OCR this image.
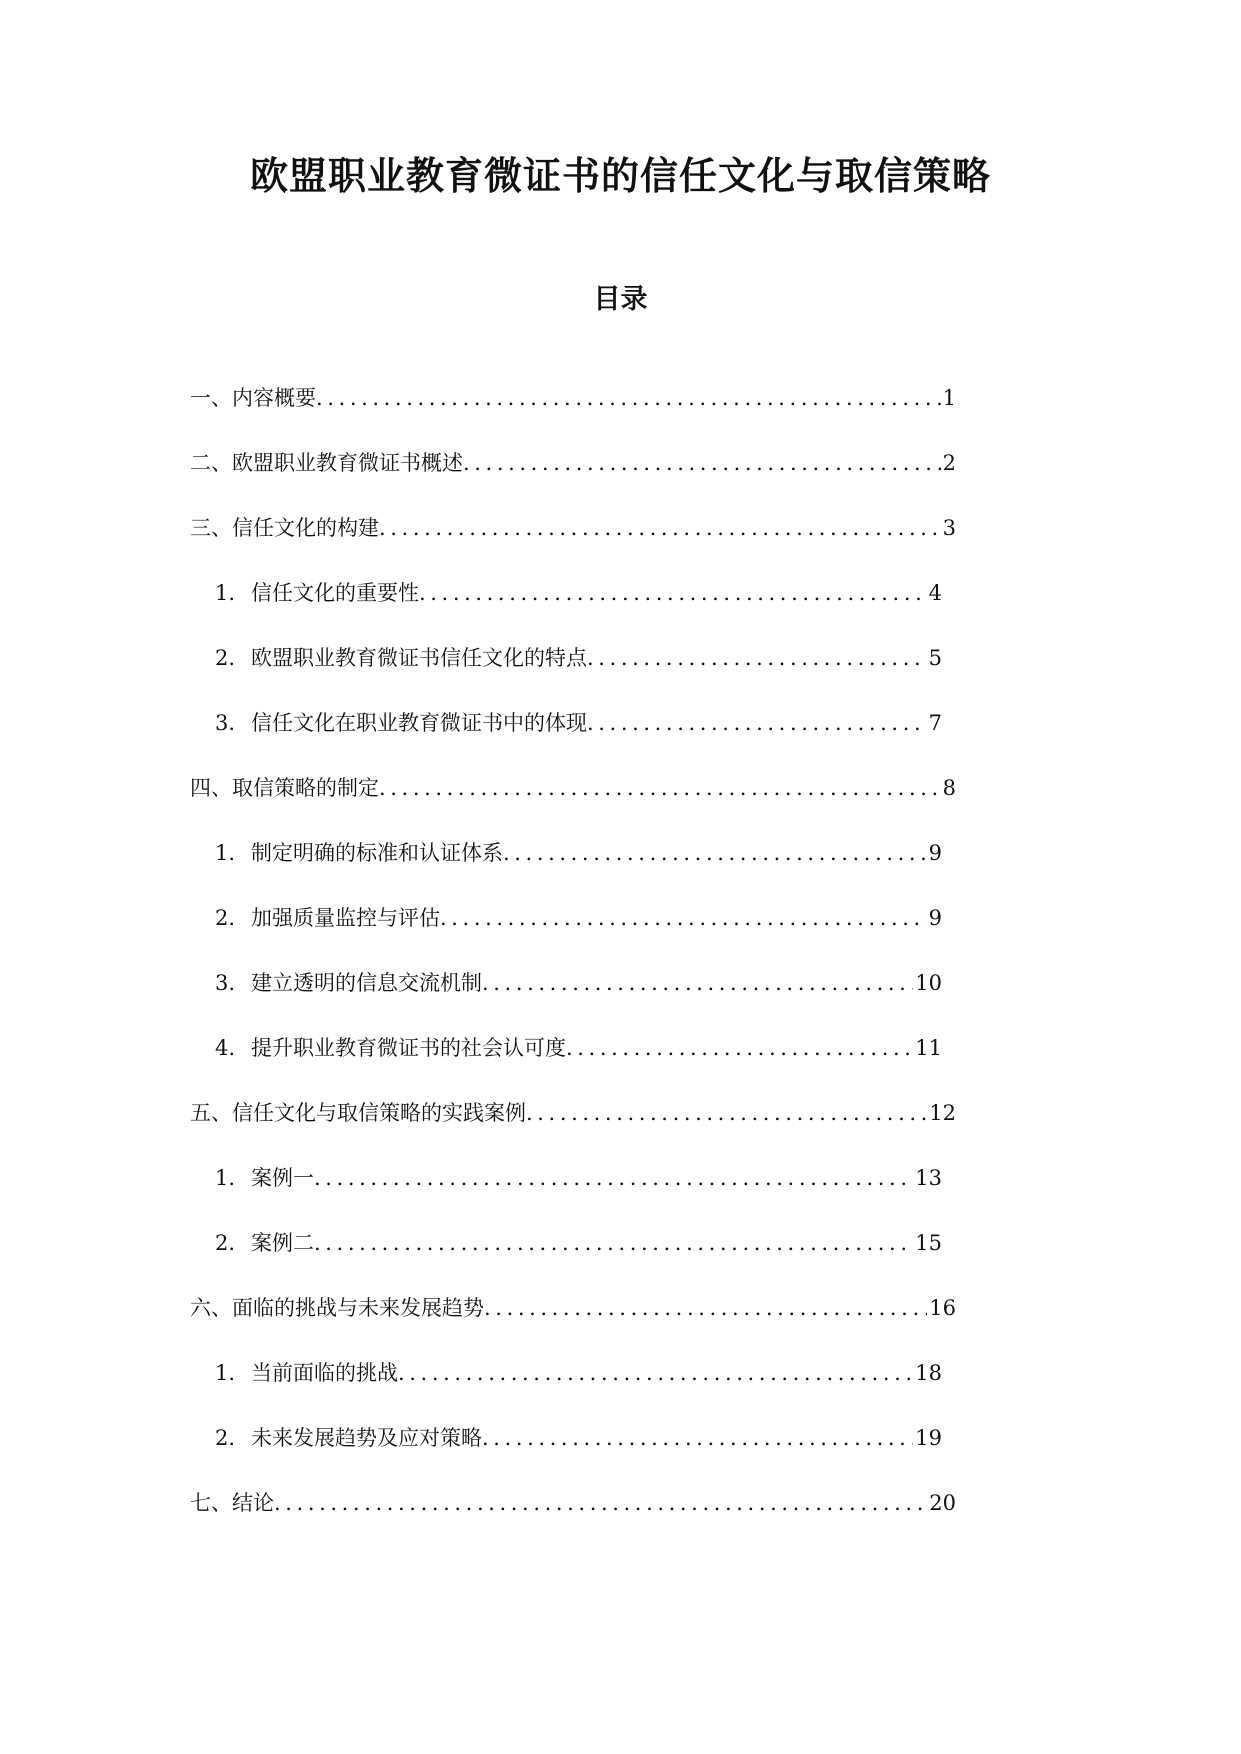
欧盟职业教育微证书的信任文化与取信策略
目录
一、内容概要 .....	1
二、欧盟职业教育微证书概述 .....	2
三、信任文化的构建 .....	3
1. 信任文化的重要性 .....	4
2. 欧盟职业教育微证书信任文化的特点 .....	5
3. 信任文化在职业教育微证书中的体现 .....	7
四、取信策略的制定 .....	8
1. 制定明确的标准和认证体系 .....	9
2. 加强质量监控与评估 .....	9
3. 建立透明的信息交流机制 .....	10
4. 提升职业教育微证书的社会认可度 .....	11
五、信任文化与取信策略的实践案例 .....	12
1. 案例一 .....	13
2. 案例二 .....	15
六、面临的挑战与未来发展趋势 .....	16
1. 当前面临的挑战 .....	18
2. 未来发展趋势及应对策略 .....	19
七、结论 .....	20
